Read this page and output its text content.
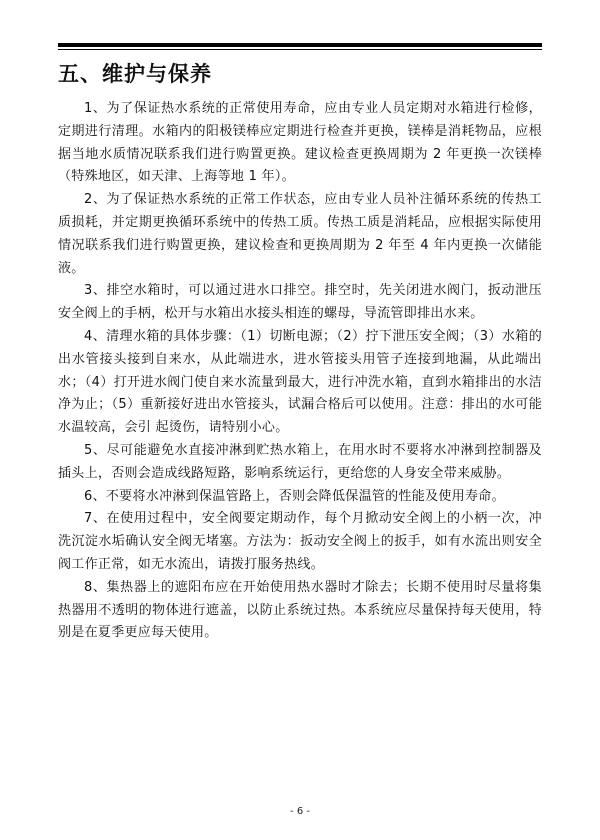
五、维护与保养

1、为了保证热水系统的正常使用寿命，应由专业人员定期对水箱进行检修，定期进行清理。水箱内的阳极镁棒应定期进行检查并更换，镁棒是消耗物品，应根据当地水质情况联系我们进行购置更换。建议检查更换周期为 2 年更换一次镁棒（特殊地区，如天津、上海等地 1 年）。

2、为了保证热水系统的正常工作状态，应由专业人员补注循环系统的传热工质损耗，并定期更换循环系统中的传热工质。传热工质是消耗品，应根据实际使用情况联系我们进行购置更换，建议检查和更换周期为 2 年至 4 年内更换一次储能液。

3、排空水箱时，可以通过进水口排空。排空时，先关闭进水阀门，扳动泄压安全阀上的手柄，松开与水箱出水接头相连的螺母，导流管即排出水来。

4、清理水箱的具体步骤：（1）切断电源；（2）拧下泄压安全阀；（3）水箱的出水管接头接到自来水，从此端进水，进水管接头用管子连接到地漏，从此端出水；（4）打开进水阀门使自来水流量到最大，进行冲洗水箱，直到水箱排出的水洁净为止；（5）重新接好进出水管接头，试漏合格后可以使用。注意：排出的水可能水温较高，会引 起烫伤，请特别小心。

5、尽可能避免水直接冲淋到贮热水箱上，在用水时不要将水冲淋到控制器及插头上，否则会造成线路短路，影响系统运行，更给您的人身安全带来威胁。

6、不要将水冲淋到保温管路上，否则会降低保温管的性能及使用寿命。

7、在使用过程中，安全阀要定期动作，每个月掀动安全阀上的小柄一次，冲洗沉淀水垢确认安全阀无堵塞。方法为：扳动安全阀上的扳手，如有水流出则安全阀工作正常，如无水流出，请拨打服务热线。

8、集热器上的遮阳布应在开始使用热水器时才除去；长期不使用时尽量将集热器用不透明的物体进行遮盖，以防止系统过热。本系统应尽量保持每天使用，特别是在夏季更应每天使用。

- 6 -
